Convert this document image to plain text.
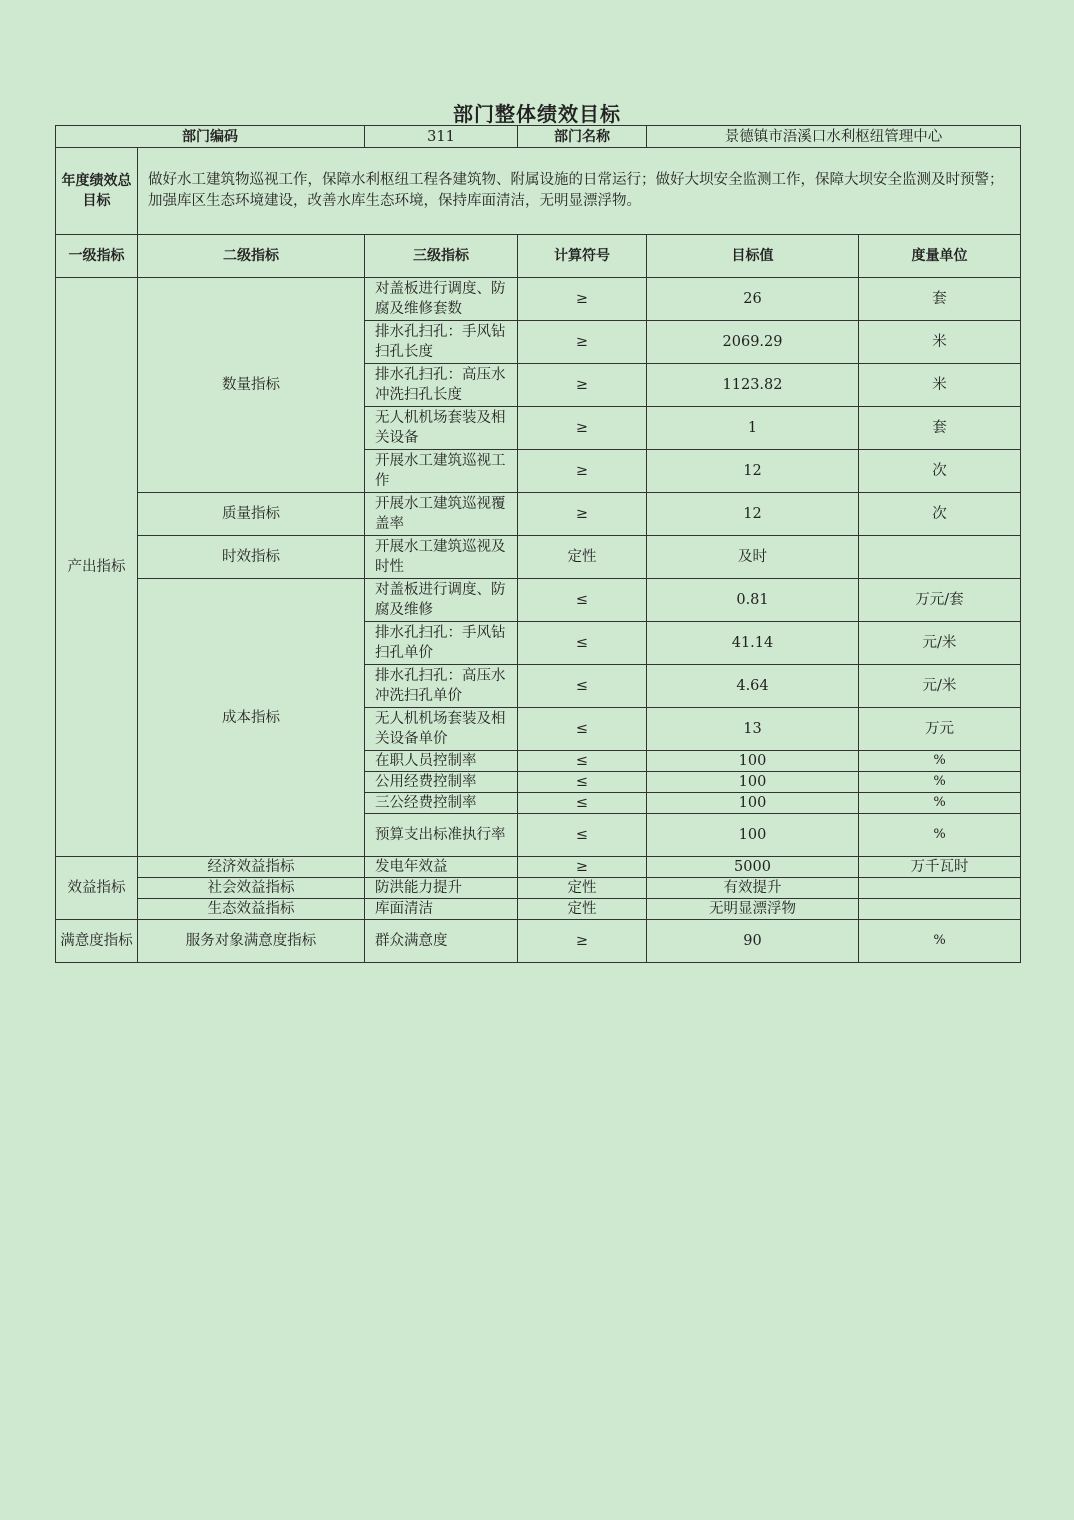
部门整体绩效目标
部门编码		311	部门名称	景德镇市浯溪口水利枢纽管理中心	
年度绩效总目标	做好水工建筑物巡视工作，保障水利枢纽工程各建筑物、附属设施的日常运行；做好大坝安全监测工作，保障大坝安全监测及时预警；加强库区生态环境建设，改善水库生态环境，保持库面清洁，无明显漂浮物。				
一级指标	二级指标	三级指标	计算符号	目标值	度量单位
产出指标	数量指标	对盖板进行调度、防腐及维修套数	≥	26	套
		排水孔扫孔：手风钻扫孔长度	≥	2069.29	米
		排水孔扫孔：高压水冲洗扫孔长度	≥	1123.82	米
		无人机机场套装及相关设备	≥	1	套
		开展水工建筑巡视工作	≥	12	次
	质量指标	开展水工建筑巡视覆盖率	≥	12	次
	时效指标	开展水工建筑巡视及时性	定性	及时	
	成本指标	对盖板进行调度、防腐及维修	≤	0.81	万元/套
		排水孔扫孔：手风钻扫孔单价	≤	41.14	元/米
		排水孔扫孔：高压水冲洗扫孔单价	≤	4.64	元/米
		无人机机场套装及相关设备单价	≤	13	万元
		在职人员控制率	≤	100	%
		公用经费控制率	≤	100	%
		三公经费控制率	≤	100	%
		预算支出标准执行率	≤	100	%
效益指标	经济效益指标	发电年效益	≥	5000	万千瓦时
	社会效益指标	防洪能力提升	定性	有效提升	
	生态效益指标	库面清洁	定性	无明显漂浮物	
满意度指标	服务对象满意度指标	群众满意度	≥	90	%
